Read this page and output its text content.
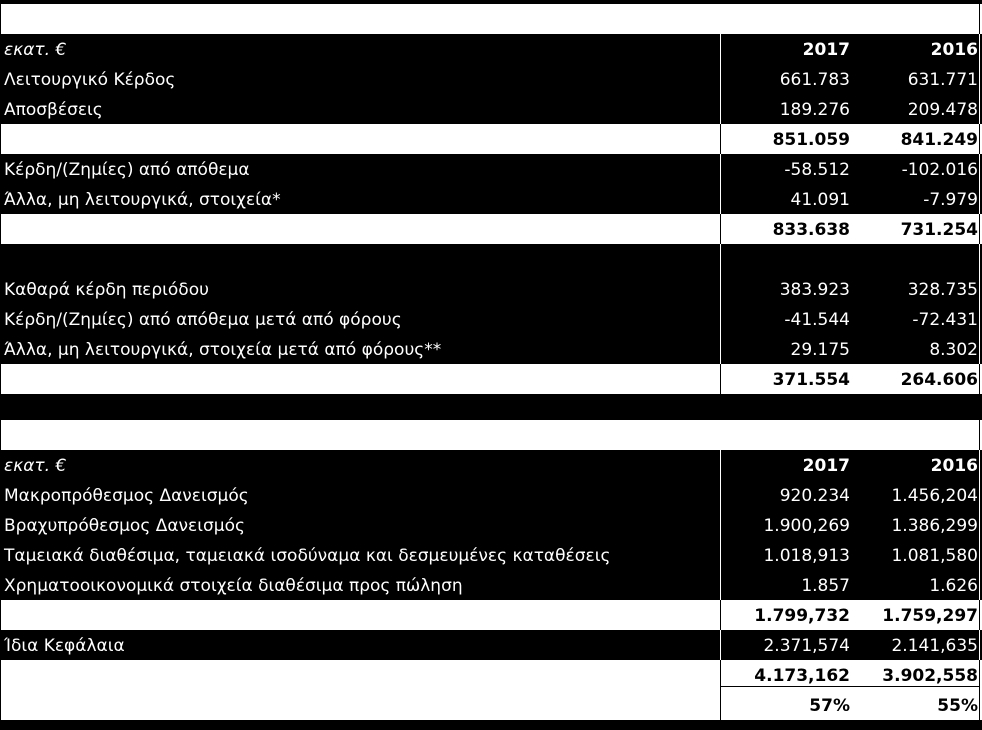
εκατ. €	2017	2016
Λειτουργικό Κέρδος	661.783	631.771
Αποσβέσεις	189.276	209.478
851.059	841.249
Κέρδη/(Ζημίες) από απόθεμα	-58.512	-102.016
Άλλα, μη λειτουργικά, στοιχεία*	41.091	-7.979
833.638	731.254
Καθαρά κέρδη περιόδου	383.923	328.735
Κέρδη/(Ζημίες) από απόθεμα μετά από φόρους	-41.544	-72.431
Άλλα, μη λειτουργικά, στοιχεία μετά από φόρους**	29.175	8.302
371.554	264.606
εκατ. €	2017	2016
Μακροπρόθεσμος Δανεισμός	920.234 1.456,204
Βραχυπρόθεσμος Δανεισμός	1.900,269 1.386,299
Ταμειακά διαθέσιμα, ταμειακά ισοδύναμα και δεσμευμένες καταθέσεις	1.018,913 1.081,580
Χρηματοοικονομικά στοιχεία διαθέσιμα προς πώληση	1.857	1.626
1.799,732 1.759,297
Ίδια Κεφάλαια	2.371,574 2.141,635
4.173,162 3.902,558
57%	55%
